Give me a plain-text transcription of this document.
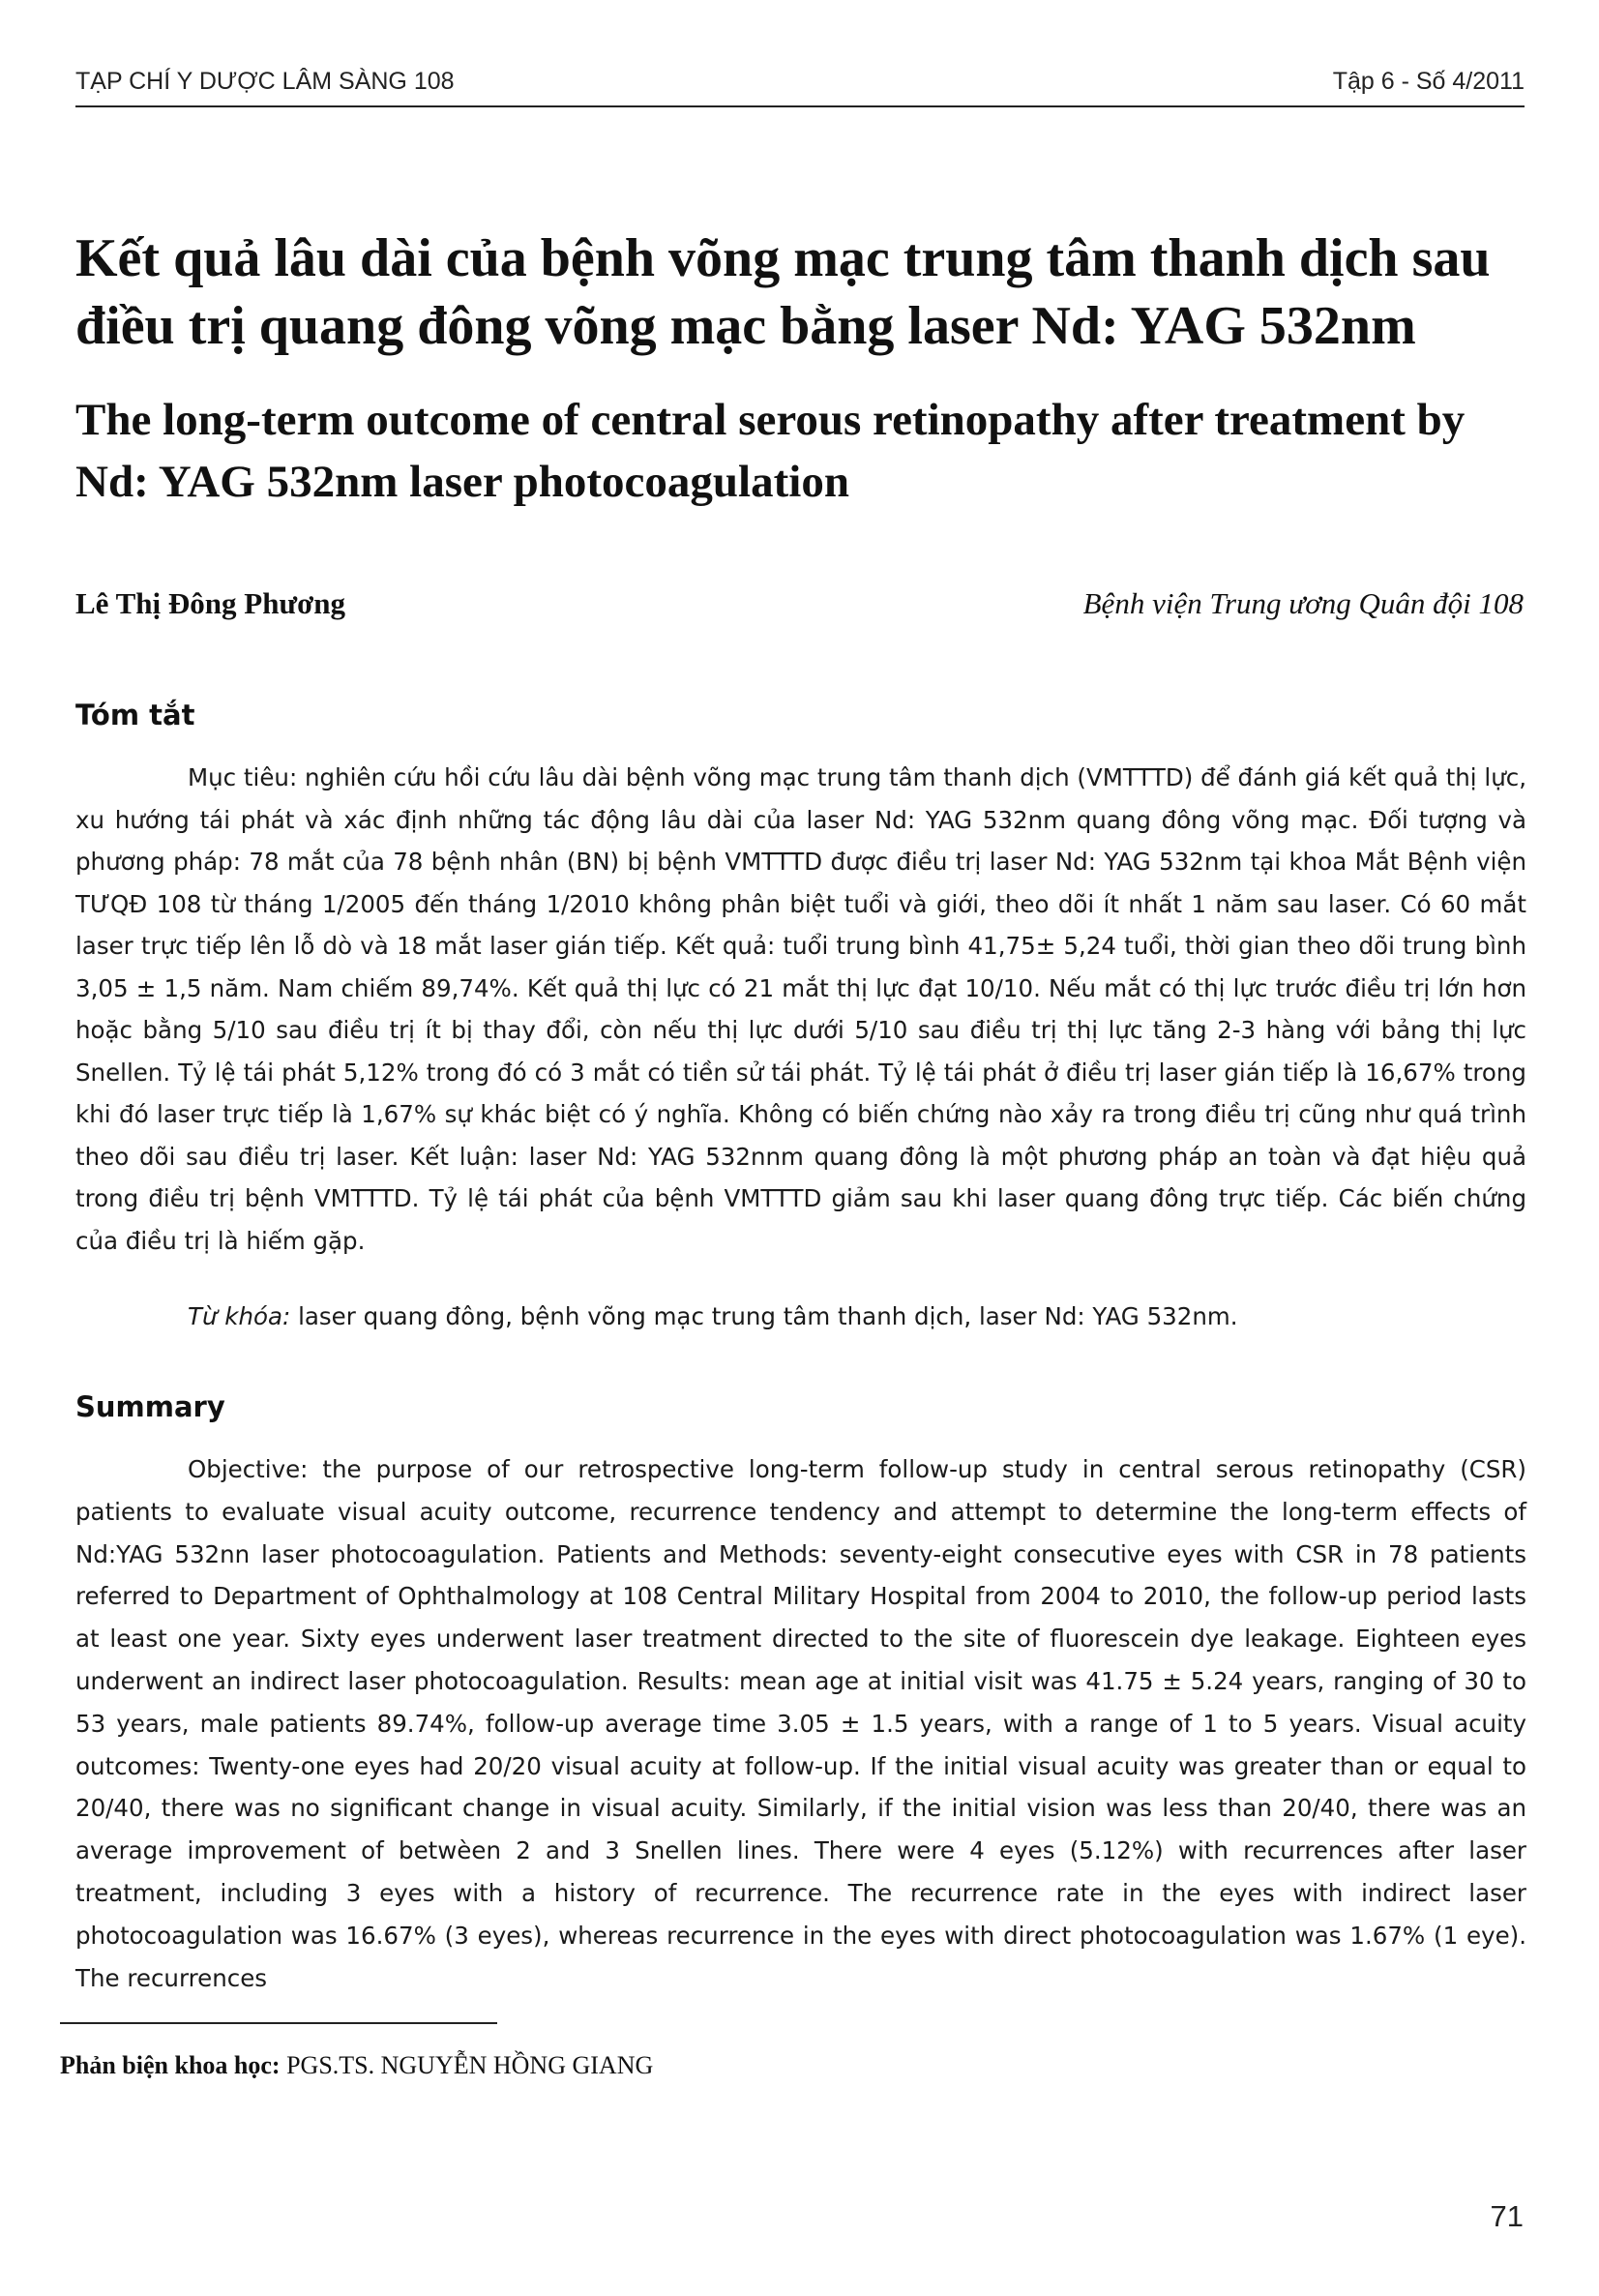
TẠP CHÍ Y DƯỢC LÂM SÀNG 108	Tập 6 - Số 4/2011
Kết quả lâu dài của bệnh võng mạc trung tâm thanh dịch sau điều trị quang đông võng mạc bằng laser Nd: YAG 532nm
The long-term outcome of central serous retinopathy after treatment by Nd: YAG 532nm laser photocoagulation
Lê Thị Đông Phương	Bệnh viện Trung ương Quân đội 108
Tóm tắt

Mục tiêu: nghiên cứu hồi cứu lâu dài bệnh võng mạc trung tâm thanh dịch (VMTTTD) để đánh giá kết quả thị lực, xu hướng tái phát và xác định những tác động lâu dài của laser Nd: YAG 532nm quang đông võng mạc. Đối tượng và phương pháp: 78 mắt của 78 bệnh nhân (BN) bị bệnh VMTTTD được điều trị laser Nd: YAG 532nm tại khoa Mắt Bệnh viện TƯQĐ 108 từ tháng 1/2005 đến tháng 1/2010 không phân biệt tuổi và giới, theo dõi ít nhất 1 năm sau laser. Có 60 mắt laser trực tiếp lên lỗ dò và 18 mắt laser gián tiếp. Kết quả: tuổi trung bình 41,75± 5,24 tuổi, thời gian theo dõi trung bình 3,05 ± 1,5 năm. Nam chiếm 89,74%. Kết quả thị lực có 21 mắt thị lực đạt 10/10. Nếu mắt có thị lực trước điều trị lớn hơn hoặc bằng 5/10 sau điều trị ít bị thay đổi, còn nếu thị lực dưới 5/10 sau điều trị thị lực tăng 2-3 hàng với bảng thị lực Snellen. Tỷ lệ tái phát 5,12% trong đó có 3 mắt có tiền sử tái phát. Tỷ lệ tái phát ở điều trị laser gián tiếp là 16,67% trong khi đó laser trực tiếp là 1,67% sự khác biệt có ý nghĩa. Không có biến chứng nào xảy ra trong điều trị cũng như quá trình theo dõi sau điều trị laser. Kết luận: laser Nd: YAG 532nnm quang đông là một phương pháp an toàn và đạt hiệu quả trong điều trị bệnh VMTTTD. Tỷ lệ tái phát của bệnh VMTTTD giảm sau khi laser quang đông trực tiếp. Các biến chứng của điều trị là hiếm gặp.

Từ khóa: laser quang đông, bệnh võng mạc trung tâm thanh dịch, laser Nd: YAG 532nm.

Summary

Objective: the purpose of our retrospective long-term follow-up study in central serous retinopathy (CSR) patients to evaluate visual acuity outcome, recurrence tendency and attempt to determine the long-term effects of Nd:YAG 532nn laser photocoagulation. Patients and Methods: seventy-eight consecutive eyes with CSR in 78 patients referred to Department of Ophthalmology at 108 Central Military Hospital from 2004 to 2010, the follow-up period lasts at least one year. Sixty eyes underwent laser treatment directed to the site of fluorescein dye leakage. Eighteen eyes underwent an indirect laser photocoagulation. Results: mean age at initial visit was 41.75 ± 5.24 years, ranging of 30 to 53 years, male patients 89.74%, follow-up average time 3.05 ± 1.5 years, with a range of 1 to 5 years. Visual acuity outcomes: Twenty-one eyes had 20/20 visual acuity at follow-up. If the initial visual acuity was greater than or equal to 20/40, there was no significant change in visual acuity. Similarly, if the initial vision was less than 20/40, there was an average improvement of betwèen 2 and 3 Snellen lines. There were 4 eyes (5.12%) with recurrences after laser treatment, including 3 eyes with a history of recurrence. The recurrence rate in the eyes with indirect laser photocoagulation was 16.67% (3 eyes), whereas recurrence in the eyes with direct photocoagulation was 1.67% (1 eye). The recurrences

Phản biện khoa học: PGS.TS. NGUYỄN HỒNG GIANG
71
